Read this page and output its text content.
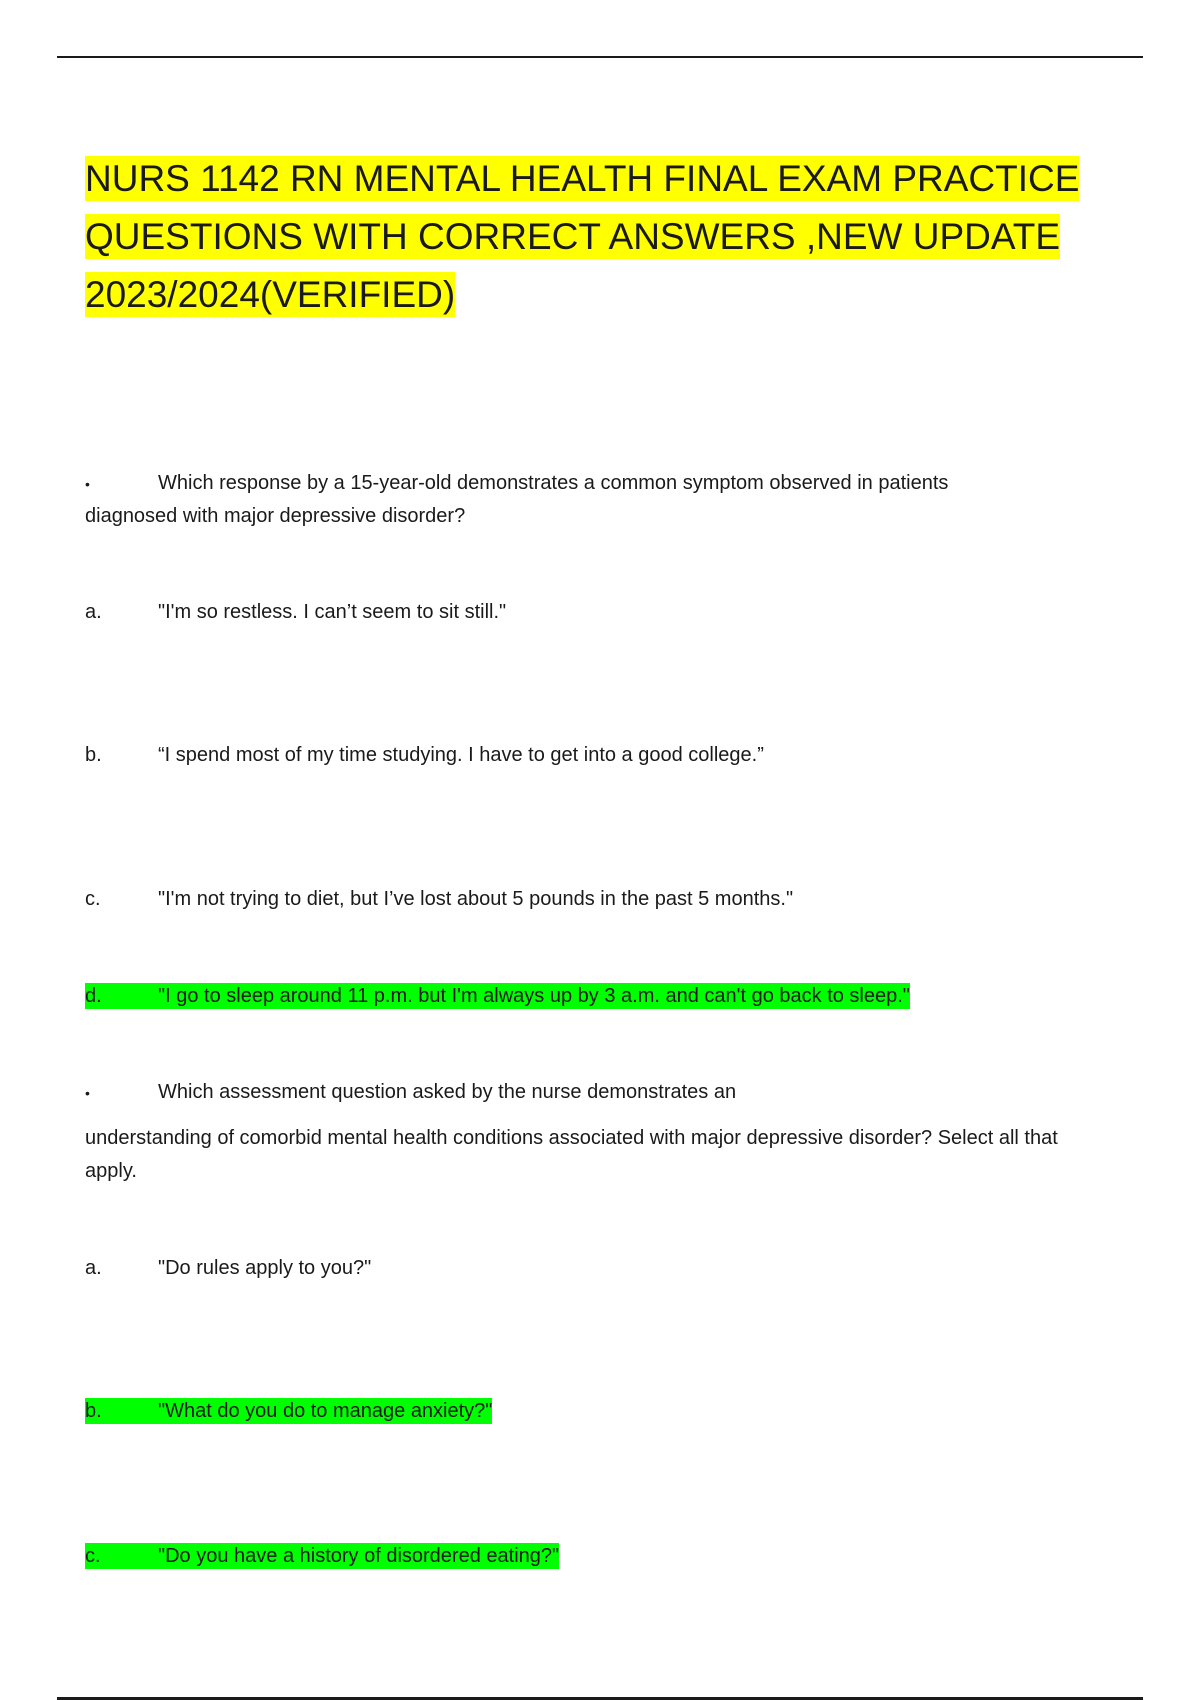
NURS 1142 RN MENTAL HEALTH FINAL EXAM PRACTICE QUESTIONS WITH CORRECT ANSWERS ,NEW UPDATE 2023/2024(VERIFIED)
•	Which response by a 15-year-old demonstrates a common symptom observed in patients
diagnosed with major depressive disorder?
a.	"I'm so restless. I can’t seem to sit still."
b.	“I spend most of my time studying. I have to get into a good college.”
c.	"I'm not trying to diet, but I’ve lost about 5 pounds in the past 5 months."
d.	"I go to sleep around 11 p.m. but I'm always up by 3 a.m. and can't go back to sleep."
•	Which assessment question asked by the nurse demonstrates an
understanding of comorbid mental health conditions associated with major depressive disorder? Select all that apply.
a.	"Do rules apply to you?"
b.	"What do you do to manage anxiety?"
c.	"Do you have a history of disordered eating?"
